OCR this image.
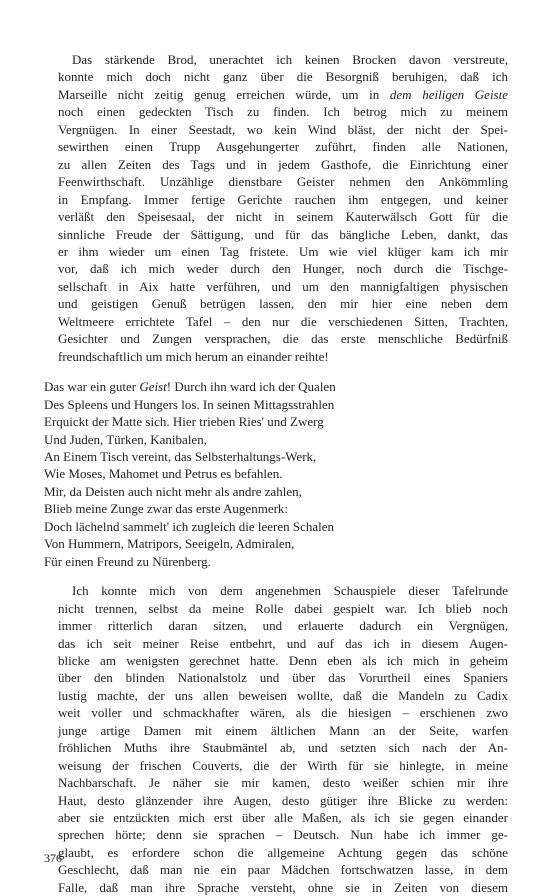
Das stärkende Brod, unerachtet ich keinen Brocken davon verstreute,
konnte mich doch nicht ganz über die Besorgniß beruhigen, daß ich
Marseille nicht zeitig genug erreichen würde, um in dem heiligen Geiste
noch einen gedeckten Tisch zu finden. Ich betrog mich zu meinem
Vergnügen. In einer Seestadt, wo kein Wind bläst, der nicht der Spei-
sewirthen einen Trupp Ausgehungerter zuführt, finden alle Nationen,
zu allen Zeiten des Tags und in jedem Gasthofe, die Einrichtung einer
Feenwirthschaft. Unzählige dienstbare Geister nehmen den Ankömmling
in Empfang. Immer fertige Gerichte rauchen ihm entgegen, und keiner
verläßt den Speisesaal, der nicht in seinem Kauterwälsch Gott für die
sinnliche Freude der Sättigung, und für das bängliche Leben, dankt, das
er ihm wieder um einen Tag fristete. Um wie viel klüger kam ich mir
vor, daß ich mich weder durch den Hunger, noch durch die Tischge-
sellschaft in Aix hatte verführen, und um den mannigfaltigen physischen
und geistigen Genuß betrügen lassen, den mir hier eine neben dem
Weltmeere errichtete Tafel – den nur die verschiedenen Sitten, Trachten,
Gesichter und Zungen versprachen, die das erste menschliche Bedürfniß
freundschaftlich um mich herum an einander reihte!

Das war ein guter Geist! Durch ihn ward ich der Qualen
Des Spleens und Hungers los. In seinen Mittagsstrahlen
Erquickt der Matte sich. Hier trieben Ries' und Zwerg
Und Juden, Türken, Kanibalen,
An Einem Tisch vereint, das Selbsterhaltungs-Werk,
Wie Moses, Mahomet und Petrus es befahlen.
Mir, da Deisten auch nicht mehr als andre zahlen,
Blieb meine Zunge zwar das erste Augenmerk:
Doch lächelnd sammelt' ich zugleich die leeren Schalen
Von Hummern, Matripors, Seeigeln, Admiralen,
Für einen Freund zu Nürenberg.

Ich konnte mich von dem angenehmen Schauspiele dieser Tafelrunde
nicht trennen, selbst da meine Rolle dabei gespielt war. Ich blieb noch
immer ritterlich daran sitzen, und erlauerte dadurch ein Vergnügen,
das ich seit meiner Reise entbehrt, und auf das ich in diesem Augen-
blicke am wenigsten gerechnet hatte. Denn eben als ich mich in geheim
über den blinden Nationalstolz und über das Vorurtheil eines Spaniers
lustig machte, der uns allen beweisen wollte, daß die Mandeln zu Cadix
weit voller und schmackhafter wären, als die hiesigen – erschienen zwo
junge artige Damen mit einem ältlichen Mann an der Seite, warfen
fröhlichen Muths ihre Staubmäntel ab, und setzten sich nach der An-
weisung der frischen Couverts, die der Wirth für sie hinlegte, in meine
Nachbarschaft. Je näher sie mir kamen, desto weißer schien mir ihre
Haut, desto glänzender ihre Augen, desto gütiger ihre Blicke zu werden:
aber sie entzückten mich erst über alle Maßen, als ich sie gegen einander
sprechen hörte; denn sie sprachen – Deutsch. Nun habe ich immer ge-
glaubt, es erfordere schon die allgemeine Achtung gegen das schöne
Geschlecht, daß man nie ein paar Mädchen fortschwatzen lasse, in dem
Falle, daß man ihre Sprache versteht, ohne sie in Zeiten von diesem

376
